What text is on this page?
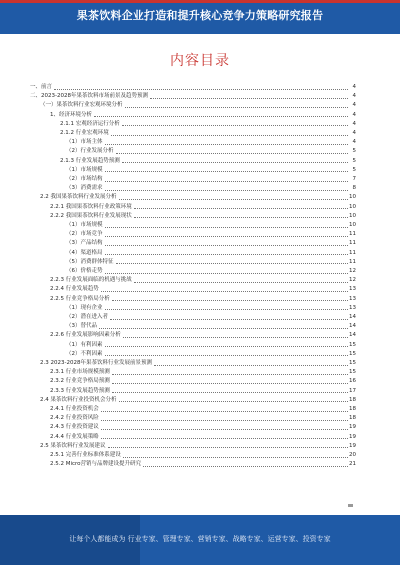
果茶饮料企业打造和提升核心竞争力策略研究报告
内容目录
一、前言	4
二、2023-2028年果茶饮料市场前景及趋势预测	4
（一）果茶饮料行业宏观环境分析	4
1、经济环境分析	4
2.1.1 宏观经济运行分析	4
2.1.2 行业宏观环境	4
（1）市场主体	4
（2）行业发展分析	5
2.1.3 行业发展趋势预测	5
（1）市场规模	5
（2）市场结构	7
（3）消费需求	8
2.2 我国果茶饮料行业发展分析	10
2.2.1 我国果茶饮料行业政策环境	10
2.2.2 我国果茶饮料行业发展现状	10
（1）市场规模	10
（2）市场竞争	11
（3）产品结构	11
（4）渠道格局	11
（5）消费群体特征	11
（6）价格走势	12
2.2.3 行业发展面临的机遇与挑战	12
2.2.4 行业发展趋势	13
2.2.5 行业竞争格局分析	13
（1）现有企业	13
（2）潜在进入者	14
（3）替代品	14
2.2.6 行业发展影响因素分析	14
（1）有利因素	15
（2）不利因素	15
2.3 2023-2028年果茶饮料行业发展前景预测	15
2.3.1 行业市场规模预测	15
2.3.2 行业竞争格局预测	16
2.3.3 行业发展趋势预测	17
2.4 果茶饮料行业投资机会分析	18
2.4.1 行业投资机会	18
2.4.2 行业投资风险	18
2.4.3 行业投资建议	19
2.4.4 行业发展策略	19
2.5 果茶饮料行业发展建议	19
2.5.1 完善行业标准体系建设	20
2.5.2 Micro营销与品牌建设提升研究	21
让每个人都能成为 行业专家、管理专家、营销专家、战略专家、运营专家、投资专家
